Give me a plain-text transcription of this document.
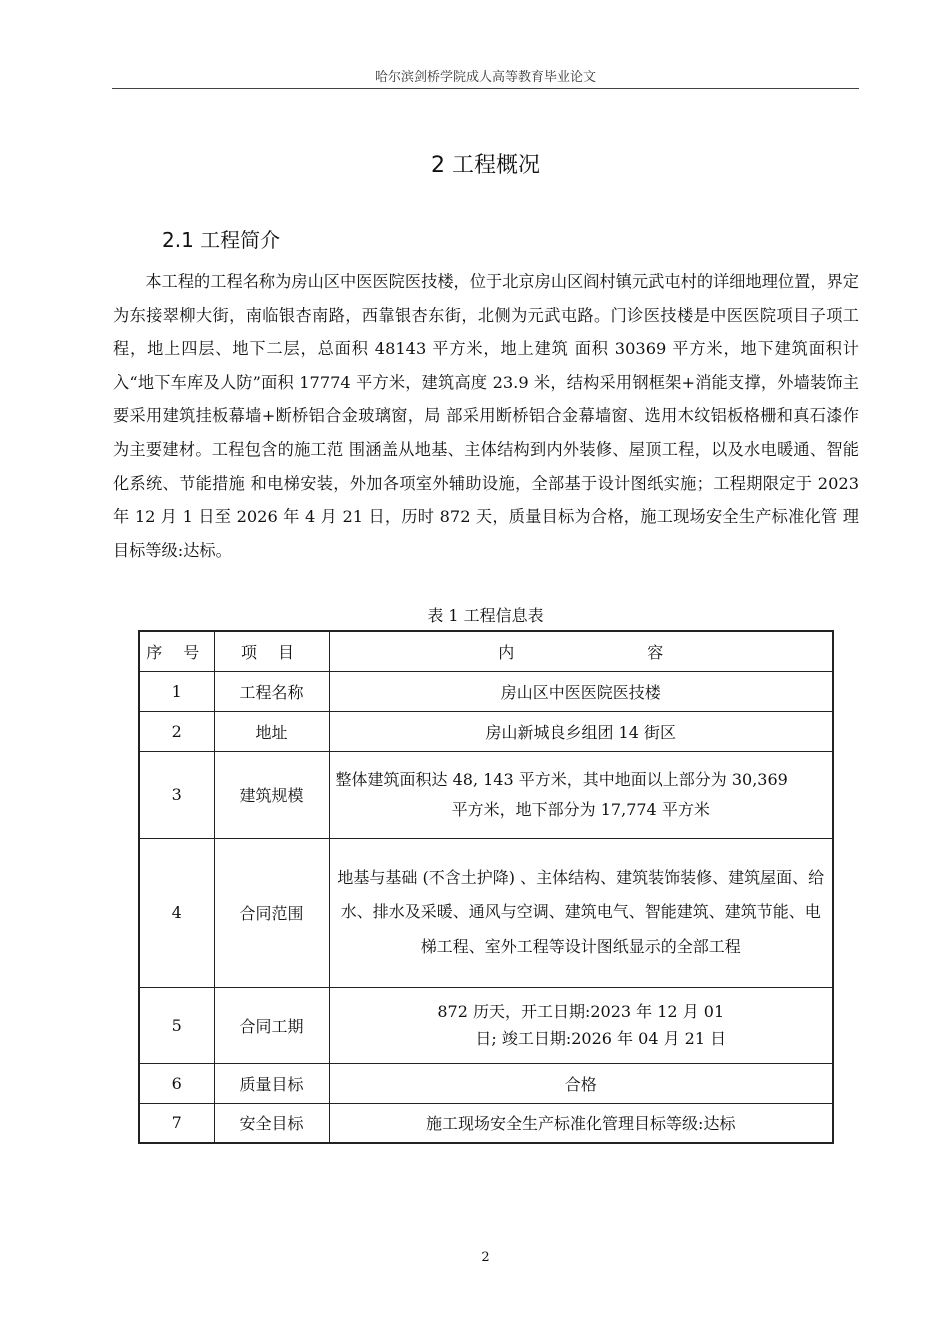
哈尔滨剑桥学院成人高等教育毕业论文
2 工程概况
2.1 工程简介

本工程的工程名称为房山区中医医院医技楼，位于北京房山区阎村镇元武屯村的详细地理位置，界定为东接翠柳大街，南临银杏南路，西靠银杏东街，北侧为元武屯路。门诊医技楼是中医医院项目子项工程，地上四层、地下二层，总面积 48143 平方米，地上建筑 面积 30369 平方米，地下建筑面积计入“地下车库及人防”面积 17774 平方米，建筑高度 23.9 米，结构采用钢框架+消能支撑，外墙装饰主要采用建筑挂板幕墙+断桥铝合金玻璃窗，局 部采用断桥铝合金幕墙窗、选用木纹铝板格栅和真石漆作为主要建材。工程包含的施工范 围涵盖从地基、主体结构到内外装修、屋顶工程，以及水电暖通、智能化系统、节能措施 和电梯安装，外加各项室外辅助设施，全部基于设计图纸实施；工程期限定于 2023 年 12 月 1 日至 2026 年 4 月 21 日，历时 872 天，质量目标为合格，施工现场安全生产标准化管 理目标等级:达标。

表 1 工程信息表
序 号	项 目	内 容
1	工程名称	房山区中医医院医技楼
2	地址	房山新城良乡组团 14 街区
3	建筑规模	整体建筑面积达 48, 143 平方米，其中地面以上部分为 30,369
平方米，地下部分为 17,774 平方米

4	合同范围	地基与基础 (不含土护降) 、主体结构、建筑装饰装修、建筑屋面、给水、排水及采暖、通风与空调、建筑电气、智能建筑、建筑节能、电梯工程、室外工程等设计图纸显示的全部工程
5	合同工期	872 历天，开工日期:2023 年 12 月 01
日; 竣工日期:2026 年 04 月 21 日

6	质量目标	合格
7	安全目标	施工现场安全生产标准化管理目标等级:达标
2
